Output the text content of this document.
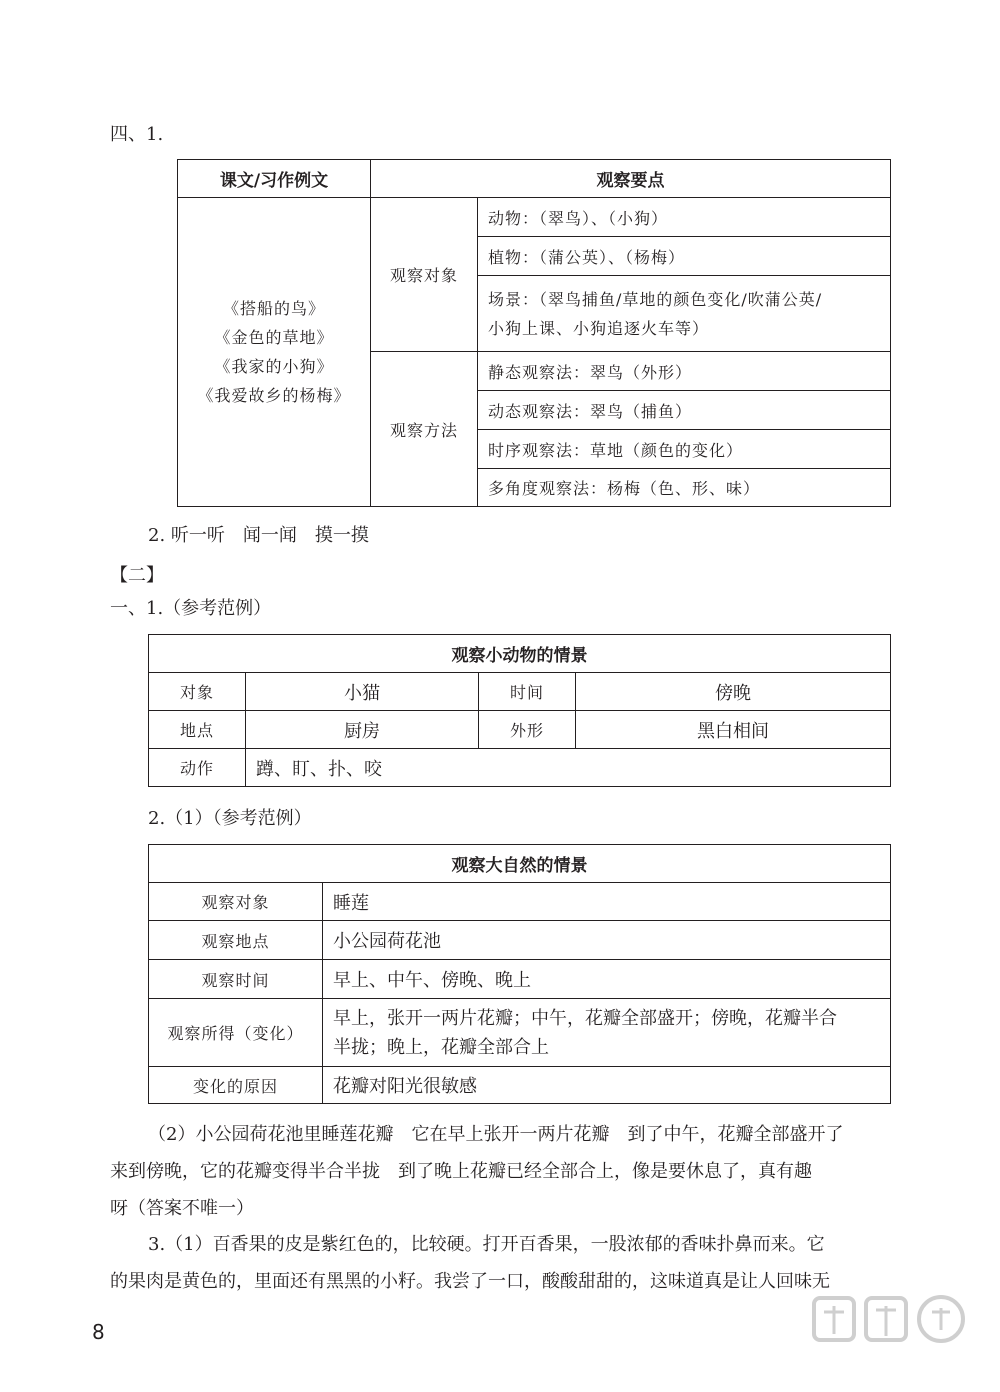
四、1.
课文/习作例文	观察要点	

《搭船的鸟》
《金色的草地》
《我家的小狗》
《我爱故乡的杨梅》	观察对象	动物：（翠鸟）、（小狗）
		植物：（蒲公英）、（杨梅）

		场景：（翠鸟捕鱼/草地的颜色变化/吹蒲公英/
小狗上课、小狗追逐火车等）

	观察方法	静态观察法：翠鸟（外形）
		动态观察法：翠鸟（捕鱼）
		时序观察法：草地（颜色的变化）
		多角度观察法：杨梅（色、形、味）
2. 听一听　闻一闻　摸一摸
【二】
一、1.（参考范例）
观察小动物的情景			
对象	小猫	时间	傍晚
地点	厨房	外形	黑白相间
动作	蹲、盯、扑、咬		
2.（1）（参考范例）
观察大自然的情景	
观察对象	睡莲
观察地点	小公园荷花池
观察时间	早上、中午、傍晚、晚上
观察所得（变化）	早上，张开一两片花瓣；中午，花瓣全部盛开；傍晚，花瓣半合
半拢；晚上，花瓣全部合上

变化的原因	花瓣对阳光很敏感
（2）小公园荷花池里睡莲花瓣　它在早上张开一两片花瓣　到了中午，花瓣全部盛开了
来到傍晚，它的花瓣变得半合半拢　到了晚上花瓣已经全部合上，像是要休息了，真有趣
呀（答案不唯一）
3.（1）百香果的皮是紫红色的，比较硬。打开百香果，一股浓郁的香味扑鼻而来。它
的果肉是黄色的，里面还有黑黑的小籽。我尝了一口，酸酸甜甜的，这味道真是让人回味无
8
